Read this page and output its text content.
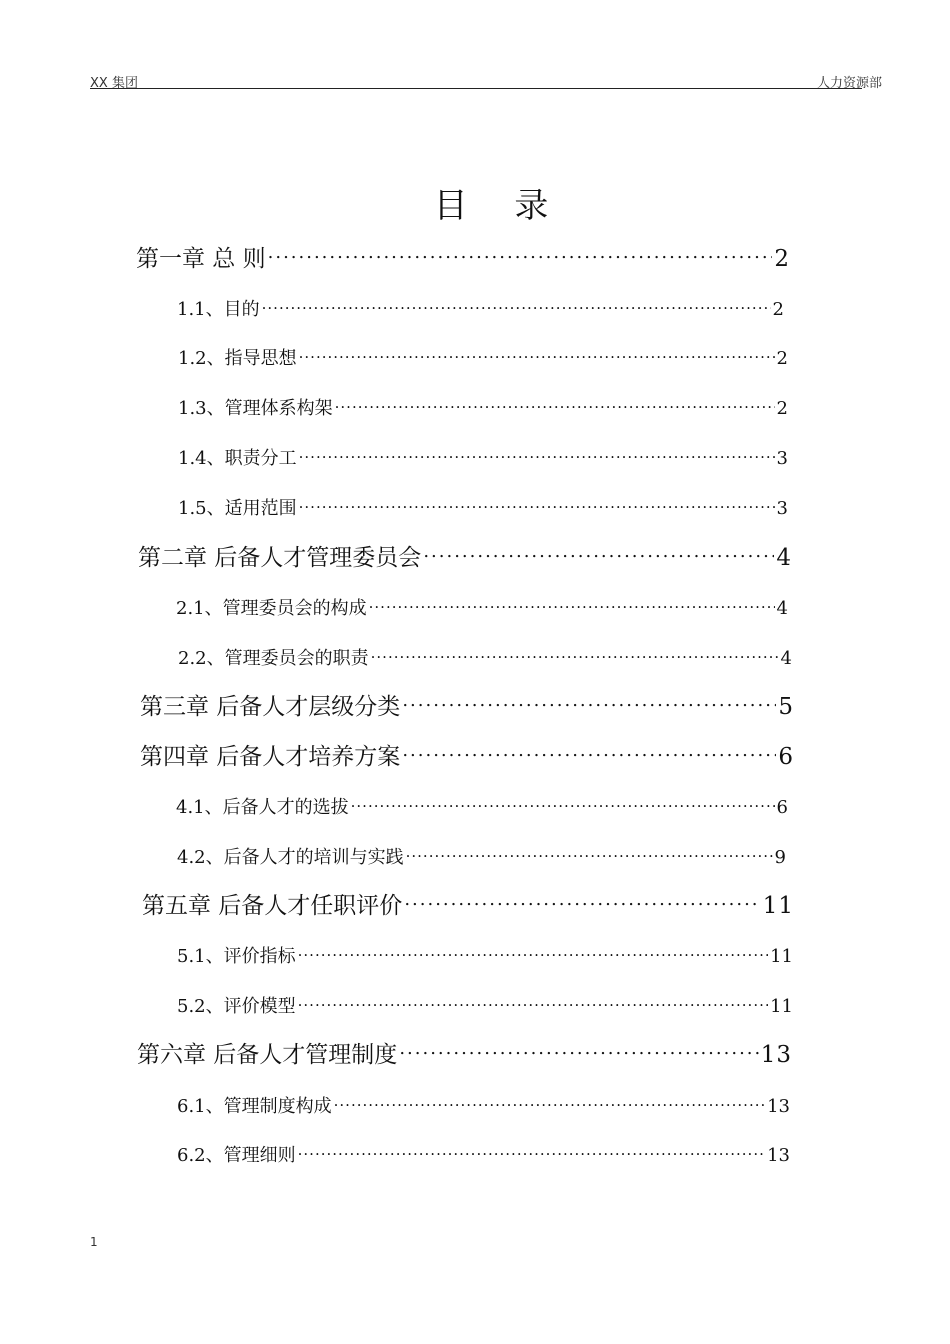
XX 集团	人力资源部
目 录
第一章 总 则 .....	2
1.1、目的 .....	2
1.2、指导思想 .....	2
1.3、管理体系构架 .....	2
1.4、职责分工 .....	3
1.5、适用范围 .....	3
第二章 后备人才管理委员会 .....	4
2.1、管理委员会的构成 .....	4
2.2、管理委员会的职责 .....	4
第三章 后备人才层级分类 .....	5
第四章 后备人才培养方案 .....	6
4.1、后备人才的选拔 .....	6
4.2、后备人才的培训与实践 .....	9
第五章 后备人才任职评价 .....	11
5.1、评价指标 .....	11
5.2、评价模型 .....	11
第六章 后备人才管理制度 .....	13
6.1、管理制度构成 .....	13
6.2、管理细则 .....	13
1
